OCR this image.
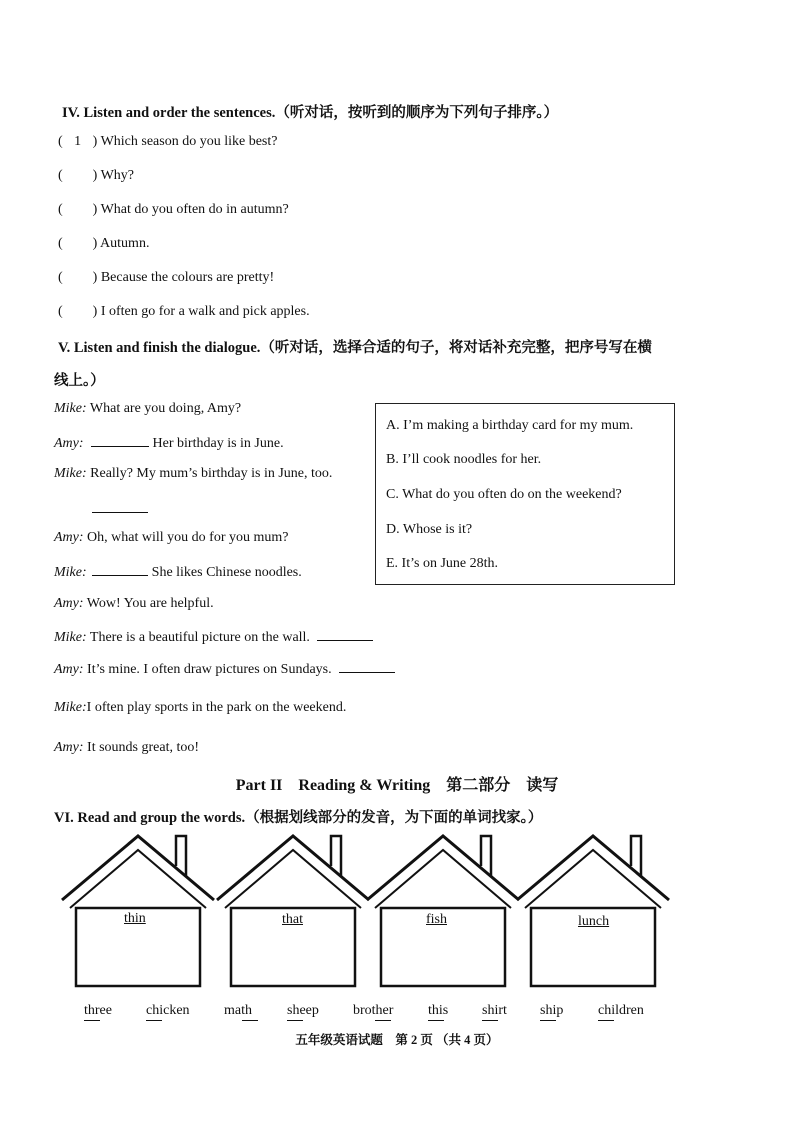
IV. Listen and order the sentences.（听对话，按听到的顺序为下列句子排序。）
( 1 ) Which season do you like best?
( ) Why?
( ) What do you often do in autumn?
( ) Autumn.
( ) Because the colours are pretty!
( ) I often go for a walk and pick apples.
V. Listen and finish the dialogue.（听对话，选择合适的句子，将对话补充完整，把序号写在横
线上。）
Mike: What are you doing, Amy?
Amy:	Her birthday is in June.
Mike: Really? My mum’s birthday is in June, too.
Amy: Oh, what will you do for you mum?
Mike:	She likes Chinese noodles.
Amy: Wow! You are helpful.
Mike: There is a beautiful picture on the wall.
Amy: It’s mine. I often draw pictures on Sundays.
Mike:I often play sports in the park on the weekend.
Amy: It sounds great, too!
A. I’m making a birthday card for my mum.
B. I’ll cook noodles for her.
C. What do you often do on the weekend?
D. Whose is it?
E. It’s on June 28th.
Part II    Reading & Writing    第二部分    读写
VI. Read and group the words.（根据划线部分的发音，为下面的单词找家。）
thin	that	fish	lunch
three chicken math	sheep brother this shirt ship children
五年级英语试题    第 2 页 （共 4 页）
